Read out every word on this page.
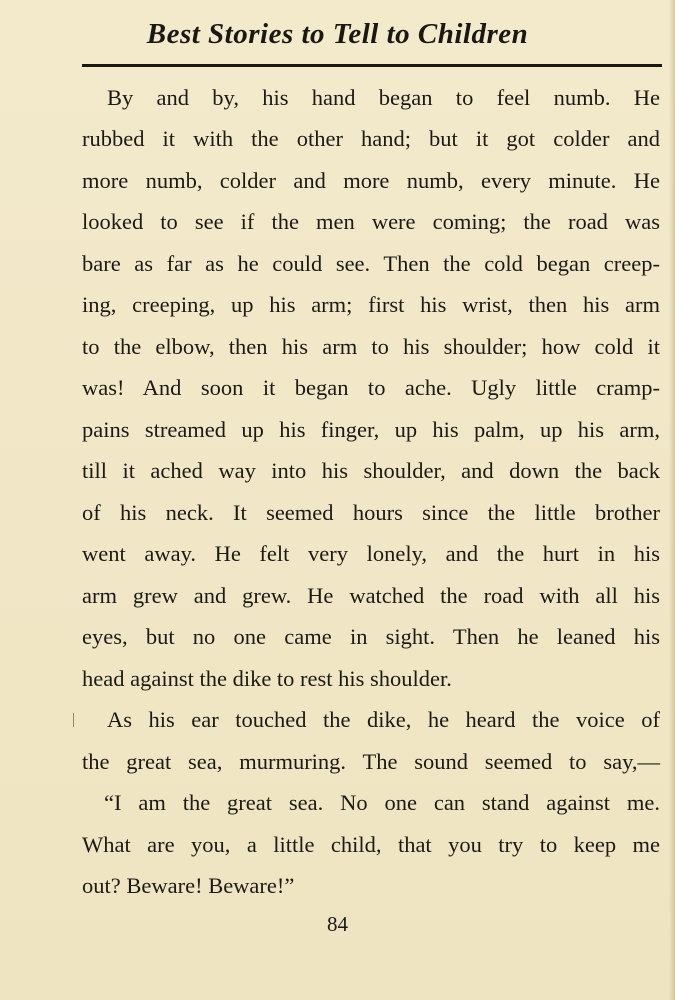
Best Stories to Tell to Children
By and by, his hand began to feel numb. He
rubbed it with the other hand; but it got colder and
more numb, colder and more numb, every minute. He
looked to see if the men were coming; the road was
bare as far as he could see. Then the cold began creep-
ing, creeping, up his arm; first his wrist, then his arm
to the elbow, then his arm to his shoulder; how cold it
was! And soon it began to ache. Ugly little cramp-
pains streamed up his finger, up his palm, up his arm,
till it ached way into his shoulder, and down the back
of his neck. It seemed hours since the little brother
went away. He felt very lonely, and the hurt in his
arm grew and grew. He watched the road with all his
eyes, but no one came in sight. Then he leaned his
head against the dike to rest his shoulder.
As his ear touched the dike, he heard the voice of
the great sea, murmuring. The sound seemed to say,—
“I am the great sea. No one can stand against me.
What are you, a little child, that you try to keep me
out? Beware! Beware!”
84
